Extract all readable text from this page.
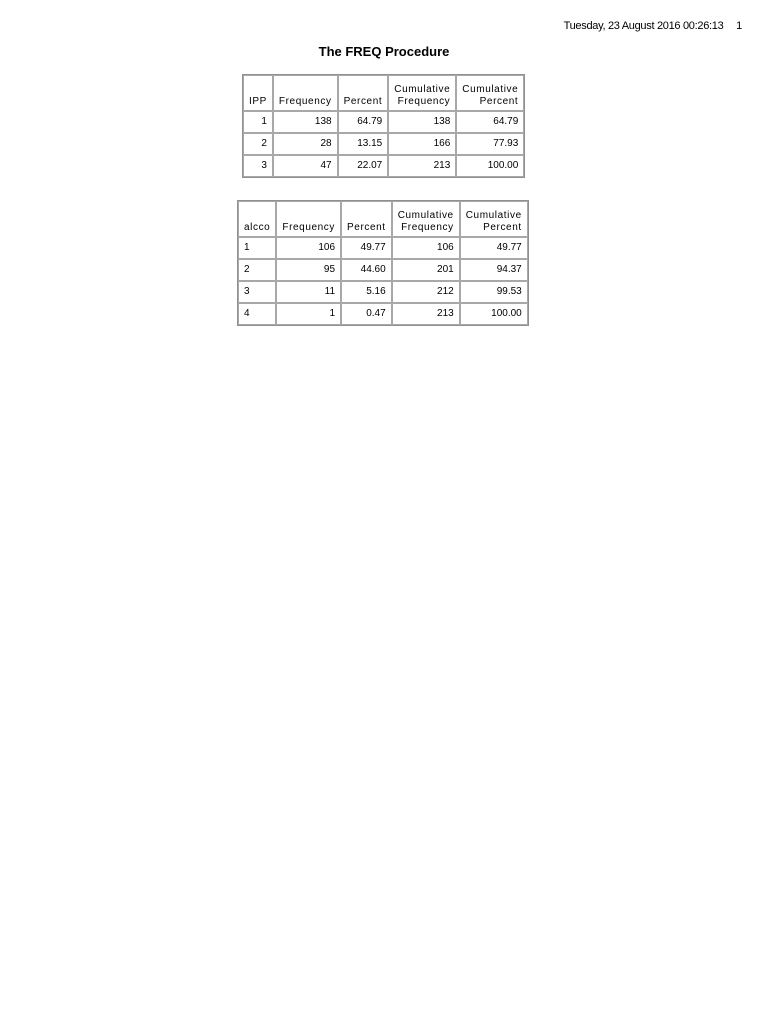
Tuesday, 23 August 2016 00:26:13 1
The FREQ Procedure
IPP	Frequency	Percent	Cumulative Frequency	Cumulative Percent
1	138	64.79	138	64.79
2	28	13.15	166	77.93
3	47	22.07	213	100.00
alcco	Frequency	Percent	Cumulative Frequency	Cumulative Percent
1	106	49.77	106	49.77
2	95	44.60	201	94.37
3	11	5.16	212	99.53
4	1	0.47	213	100.00
